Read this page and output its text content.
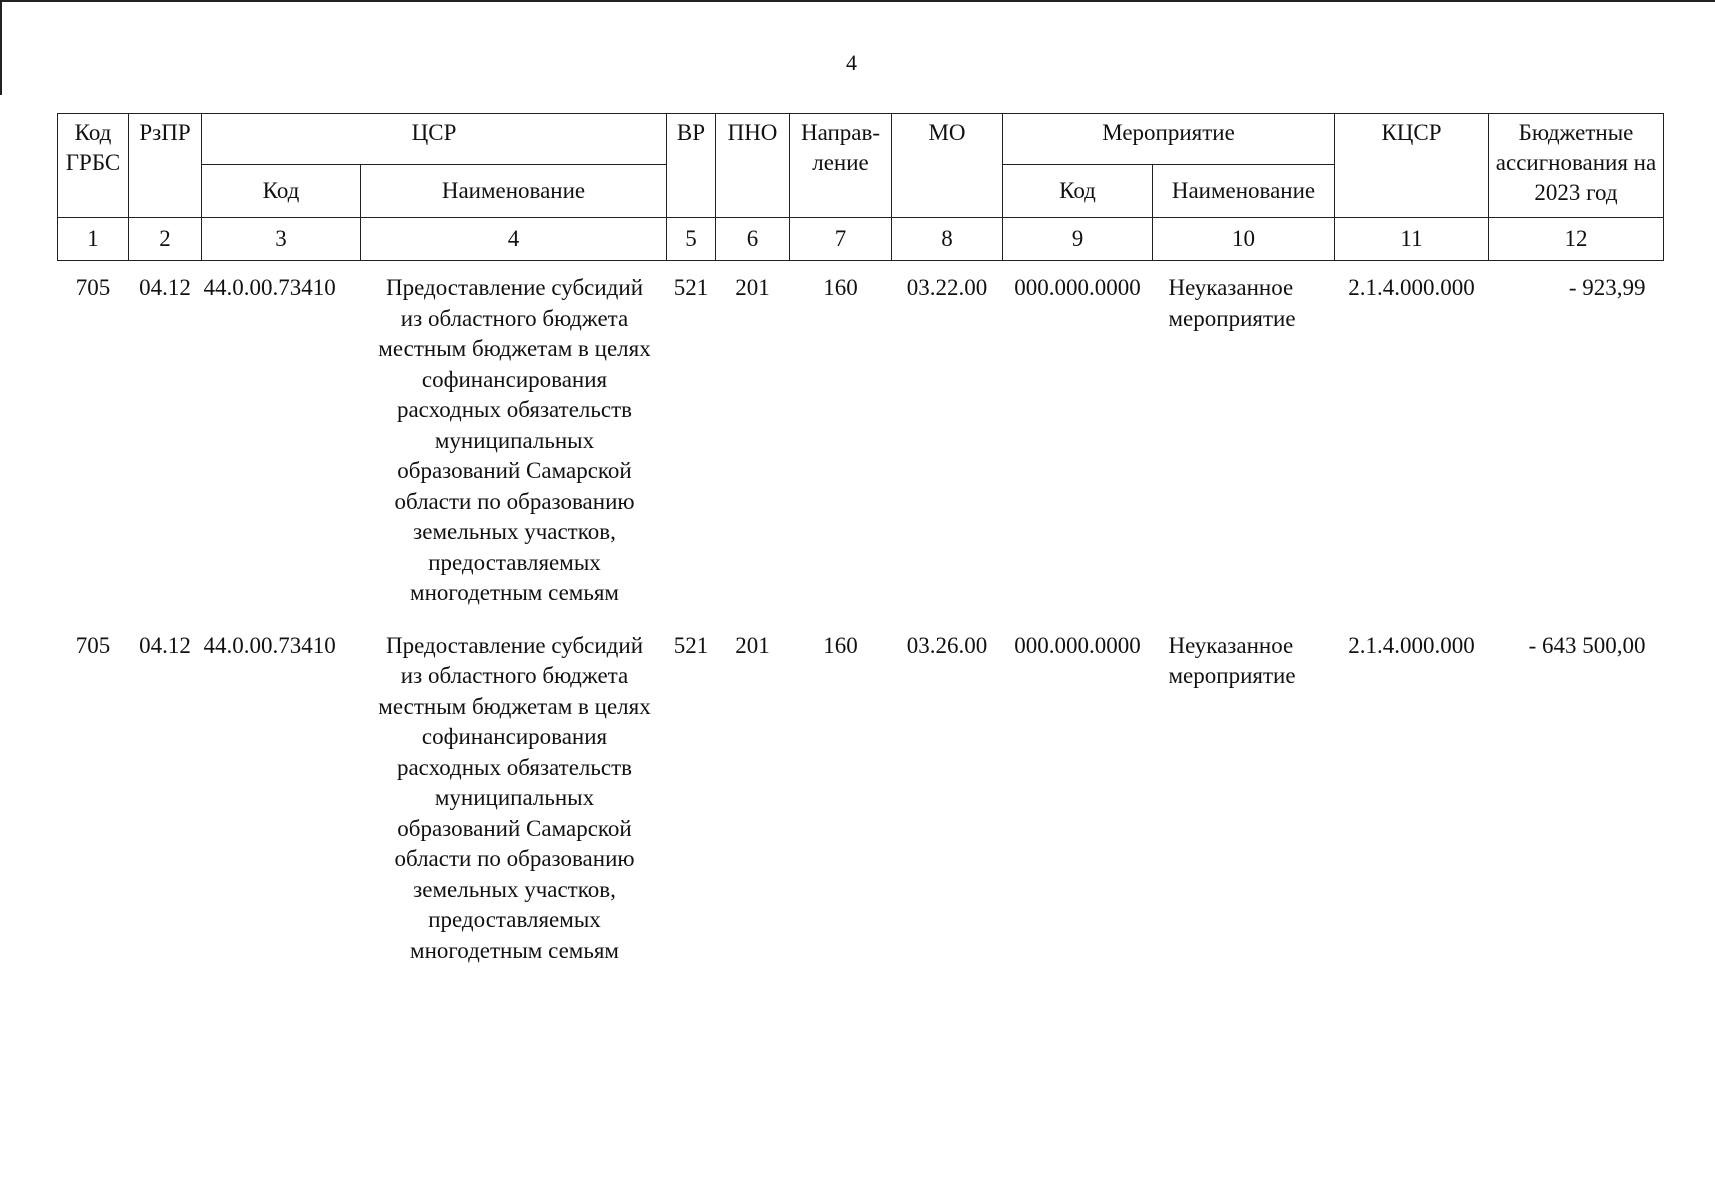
4
Код ГРБС	РзПР	ЦСР		ВР	ПНО	Направ-ление	МО	Мероприятие		КЦСР	Бюджетные ассигнования на 2023 год
		Код	Наименование					Код	Наименование		
1	2	3	4	5	6	7	8	9	10	11	12
705	04.12	44.0.00.73410	Предоставление субсидий из областного бюджета местным бюджетам в целях софинансирования расходных обязательств муниципальных образований Самарской области по образованию земельных участков, предоставляемых многодетным семьям	521	201	160	03.22.00	000.000.0000	Неуказанное мероприятие	2.1.4.000.000	- 923,99

705	04.12	44.0.00.73410	Предоставление субсидий из областного бюджета местным бюджетам в целях софинансирования расходных обязательств муниципальных образований Самарской области по образованию земельных участков, предоставляемых многодетным семьям	521	201	160	03.26.00	000.000.0000	Неуказанное мероприятие	2.1.4.000.000	- 643 500,00
